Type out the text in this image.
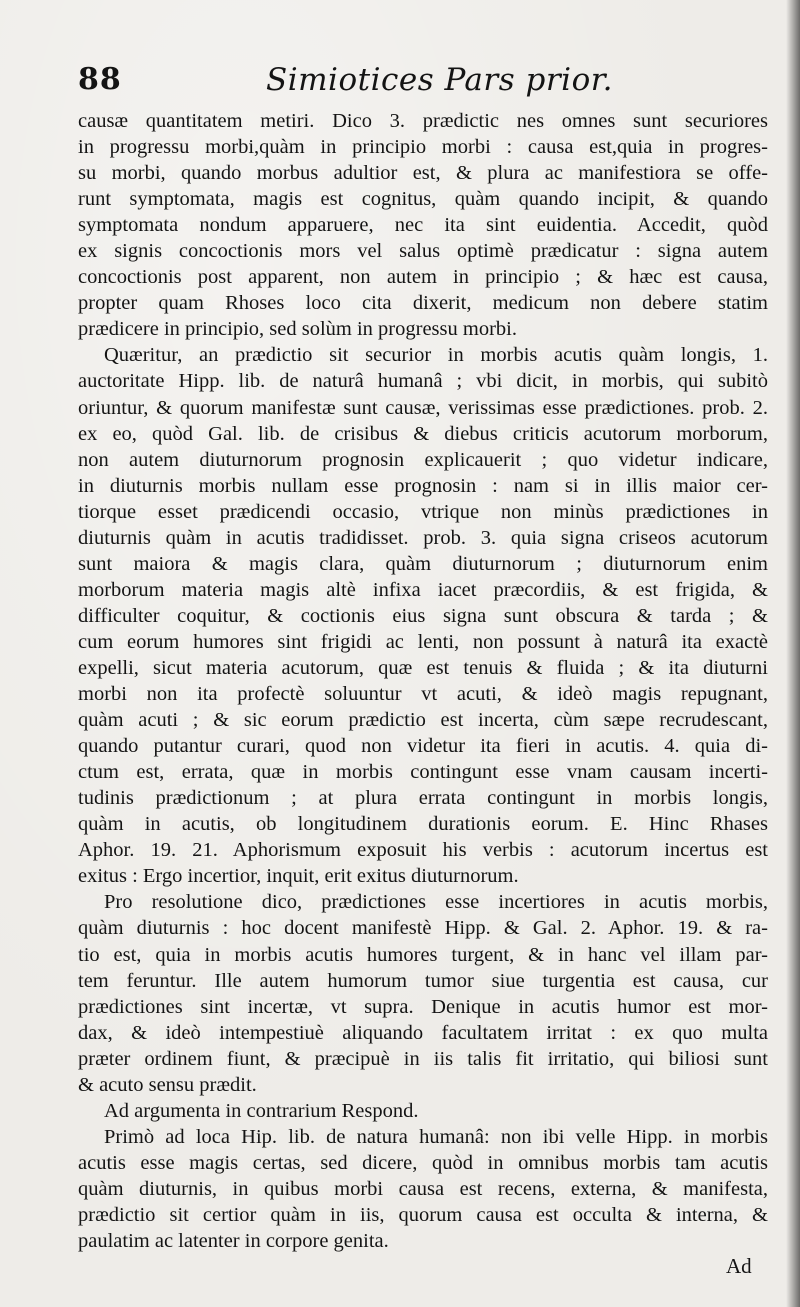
88	Simiotices Pars prior.
causæ quantitatem metiri. Dico 3. prædictic nes omnes sunt securiores
in progressu morbi,quàm in principio morbi : causa est,quia in progres-
su morbi, quando morbus adultior est, & plura ac manifestiora se offe-
runt symptomata, magis est cognitus, quàm quando incipit, & quando
symptomata nondum apparuere, nec ita sint euidentia. Accedit, quòd
ex signis concoctionis mors vel salus optimè prædicatur : signa autem
concoctionis post apparent, non autem in principio ; & hæc est causa,
propter quam Rhoses loco cita dixerit, medicum non debere statim
prædicere in principio, sed solùm in progressu morbi.
Quæritur, an prædictio sit securior in morbis acutis quàm longis, 1.
auctoritate Hipp. lib. de naturâ humanâ ; vbi dicit, in morbis, qui subitò
oriuntur, & quorum manifestæ sunt causæ, verissimas esse prædictiones. prob. 2.
ex eo, quòd Gal. lib. de crisibus & diebus criticis acutorum morborum,
non autem diuturnorum prognosin explicauerit ; quo videtur indicare,
in diuturnis morbis nullam esse prognosin : nam si in illis maior cer-
tiorque esset prædicendi occasio, vtrique non minùs prædictiones in
diuturnis quàm in acutis tradidisset. prob. 3. quia signa criseos acutorum
sunt maiora & magis clara, quàm diuturnorum ; diuturnorum enim
morborum materia magis altè infixa iacet præcordiis, & est frigida, &
difficulter coquitur, & coctionis eius signa sunt obscura & tarda ; &
cum eorum humores sint frigidi ac lenti, non possunt à naturâ ita exactè
expelli, sicut materia acutorum, quæ est tenuis & fluida ; & ita diuturni
morbi non ita profectè soluuntur vt acuti, & ideò magis repugnant,
quàm acuti ; & sic eorum prædictio est incerta, cùm sæpe recrudescant,
quando putantur curari, quod non videtur ita fieri in acutis. 4. quia di-
ctum est, errata, quæ in morbis contingunt esse vnam causam incerti-
tudinis prædictionum ; at plura errata contingunt in morbis longis,
quàm in acutis, ob longitudinem durationis eorum. E. Hinc Rhases
Aphor. 19. 21. Aphorismum exposuit his verbis : acutorum incertus est
exitus : Ergo incertior, inquit, erit exitus diuturnorum.
Pro resolutione dico, prædictiones esse incertiores in acutis morbis,
quàm diuturnis : hoc docent manifestè Hipp. & Gal. 2. Aphor. 19. & ra-
tio est, quia in morbis acutis humores turgent, & in hanc vel illam par-
tem feruntur. Ille autem humorum tumor siue turgentia est causa, cur
prædictiones sint incertæ, vt supra. Denique in acutis humor est mor-
dax, & ideò intempestiuè aliquando facultatem irritat : ex quo multa
præter ordinem fiunt, & præcipuè in iis talis fit irritatio, qui biliosi sunt
& acuto sensu prædit.
Ad argumenta in contrarium Respond.
Primò ad loca Hip. lib. de natura humanâ: non ibi velle Hipp. in morbis
acutis esse magis certas, sed dicere, quòd in omnibus morbis tam acutis
quàm diuturnis, in quibus morbi causa est recens, externa, & manifesta,
prædictio sit certior quàm in iis, quorum causa est occulta & interna, &
paulatim ac latenter in corpore genita.
Ad
